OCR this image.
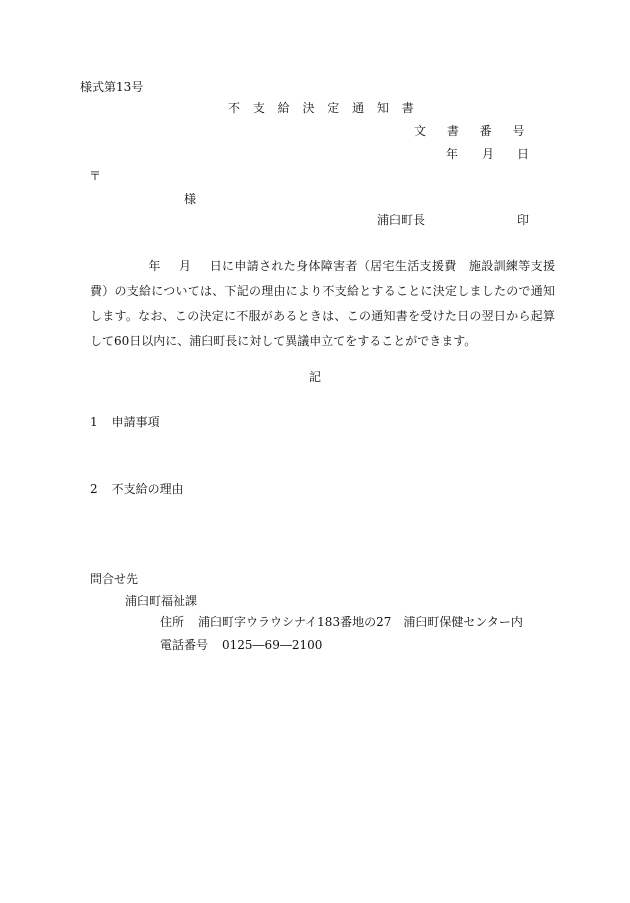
様式第13号
不 支 給 決 定 通 知 書
文 書 番 号
年 月 日
〒
様
浦臼町長	印
年 月 日に申請された身体障害者（居宅生活支援費　施設訓練等支援費）の支給については、下記の理由により不支給とすることに決定しましたので通知します。なお、この決定に不服があるときは、この通知書を受けた日の翌日から起算して60日以内に、浦臼町長に対して異議申立てをすることができます。
記
1 申請事項
2 不支給の理由
問合せ先
浦臼町福祉課
住所 浦臼町字ウラウシナイ183番地の27　浦臼町保健センター内
電話番号 0125―69―2100
